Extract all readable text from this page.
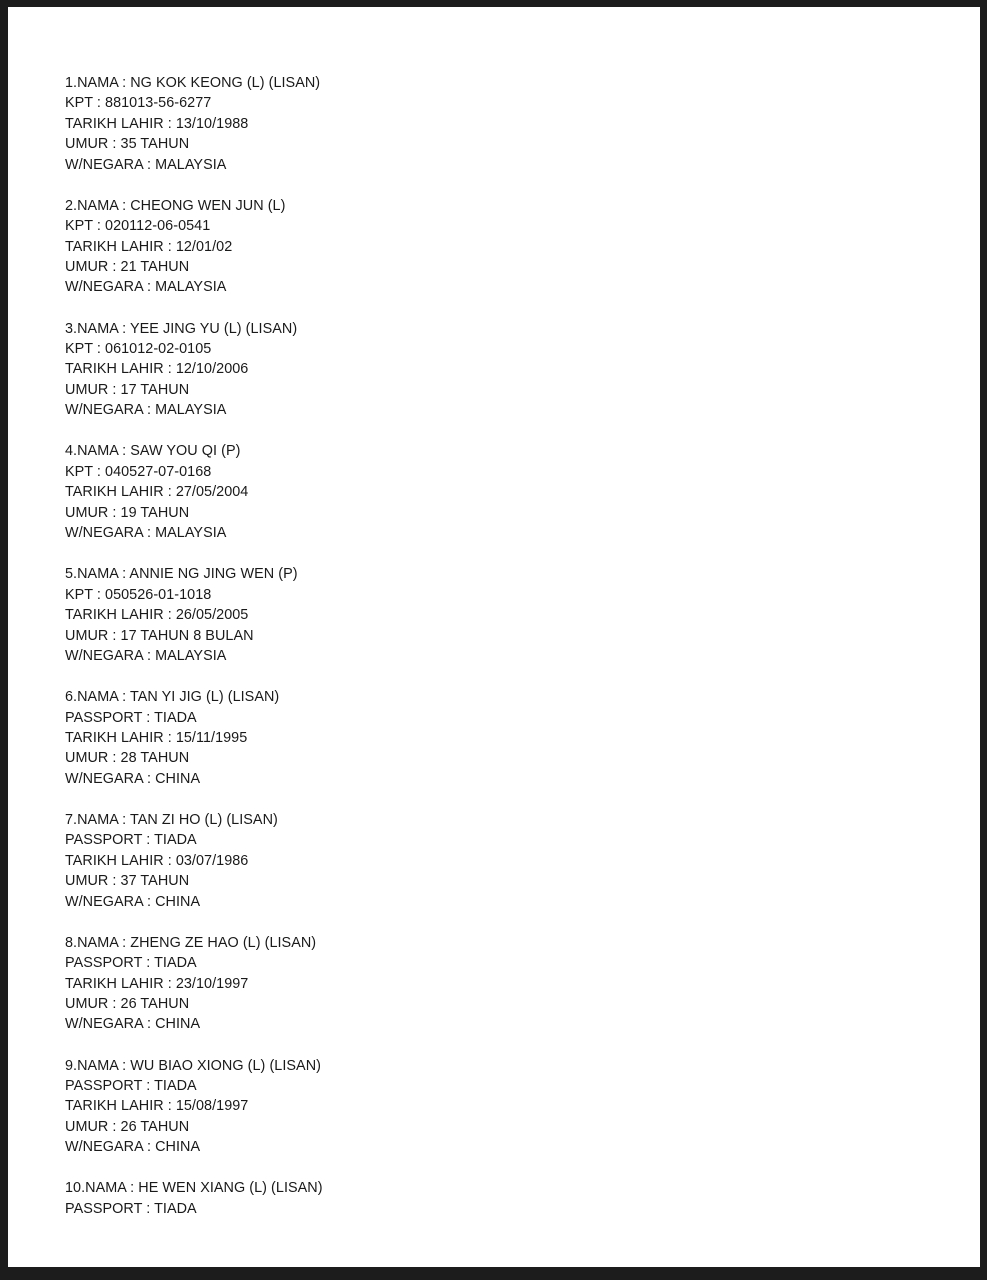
1.NAMA : NG KOK KEONG (L) (LISAN)
KPT : 881013-56-6277
TARIKH LAHIR : 13/10/1988
UMUR : 35 TAHUN
W/NEGARA : MALAYSIA
2.NAMA : CHEONG WEN JUN (L)
KPT : 020112-06-0541
TARIKH LAHIR : 12/01/02
UMUR : 21 TAHUN
W/NEGARA : MALAYSIA
3.NAMA : YEE JING YU (L) (LISAN)
KPT : 061012-02-0105
TARIKH LAHIR : 12/10/2006
UMUR : 17 TAHUN
W/NEGARA : MALAYSIA
4.NAMA : SAW YOU QI (P)
KPT : 040527-07-0168
TARIKH LAHIR : 27/05/2004
UMUR : 19 TAHUN
W/NEGARA : MALAYSIA
5.NAMA : ANNIE NG JING WEN (P)
KPT : 050526-01-1018
TARIKH LAHIR : 26/05/2005
UMUR : 17 TAHUN 8 BULAN
W/NEGARA : MALAYSIA
6.NAMA : TAN YI JIG (L) (LISAN)
PASSPORT : TIADA
TARIKH LAHIR : 15/11/1995
UMUR : 28 TAHUN
W/NEGARA : CHINA
7.NAMA : TAN ZI HO (L) (LISAN)
PASSPORT : TIADA
TARIKH LAHIR : 03/07/1986
UMUR : 37 TAHUN
W/NEGARA : CHINA
8.NAMA : ZHENG ZE HAO (L) (LISAN)
PASSPORT : TIADA
TARIKH LAHIR : 23/10/1997
UMUR : 26 TAHUN
W/NEGARA : CHINA
9.NAMA : WU BIAO XIONG (L) (LISAN)
PASSPORT : TIADA
TARIKH LAHIR : 15/08/1997
UMUR : 26 TAHUN
W/NEGARA : CHINA
10.NAMA : HE WEN XIANG (L) (LISAN)
PASSPORT : TIADA
